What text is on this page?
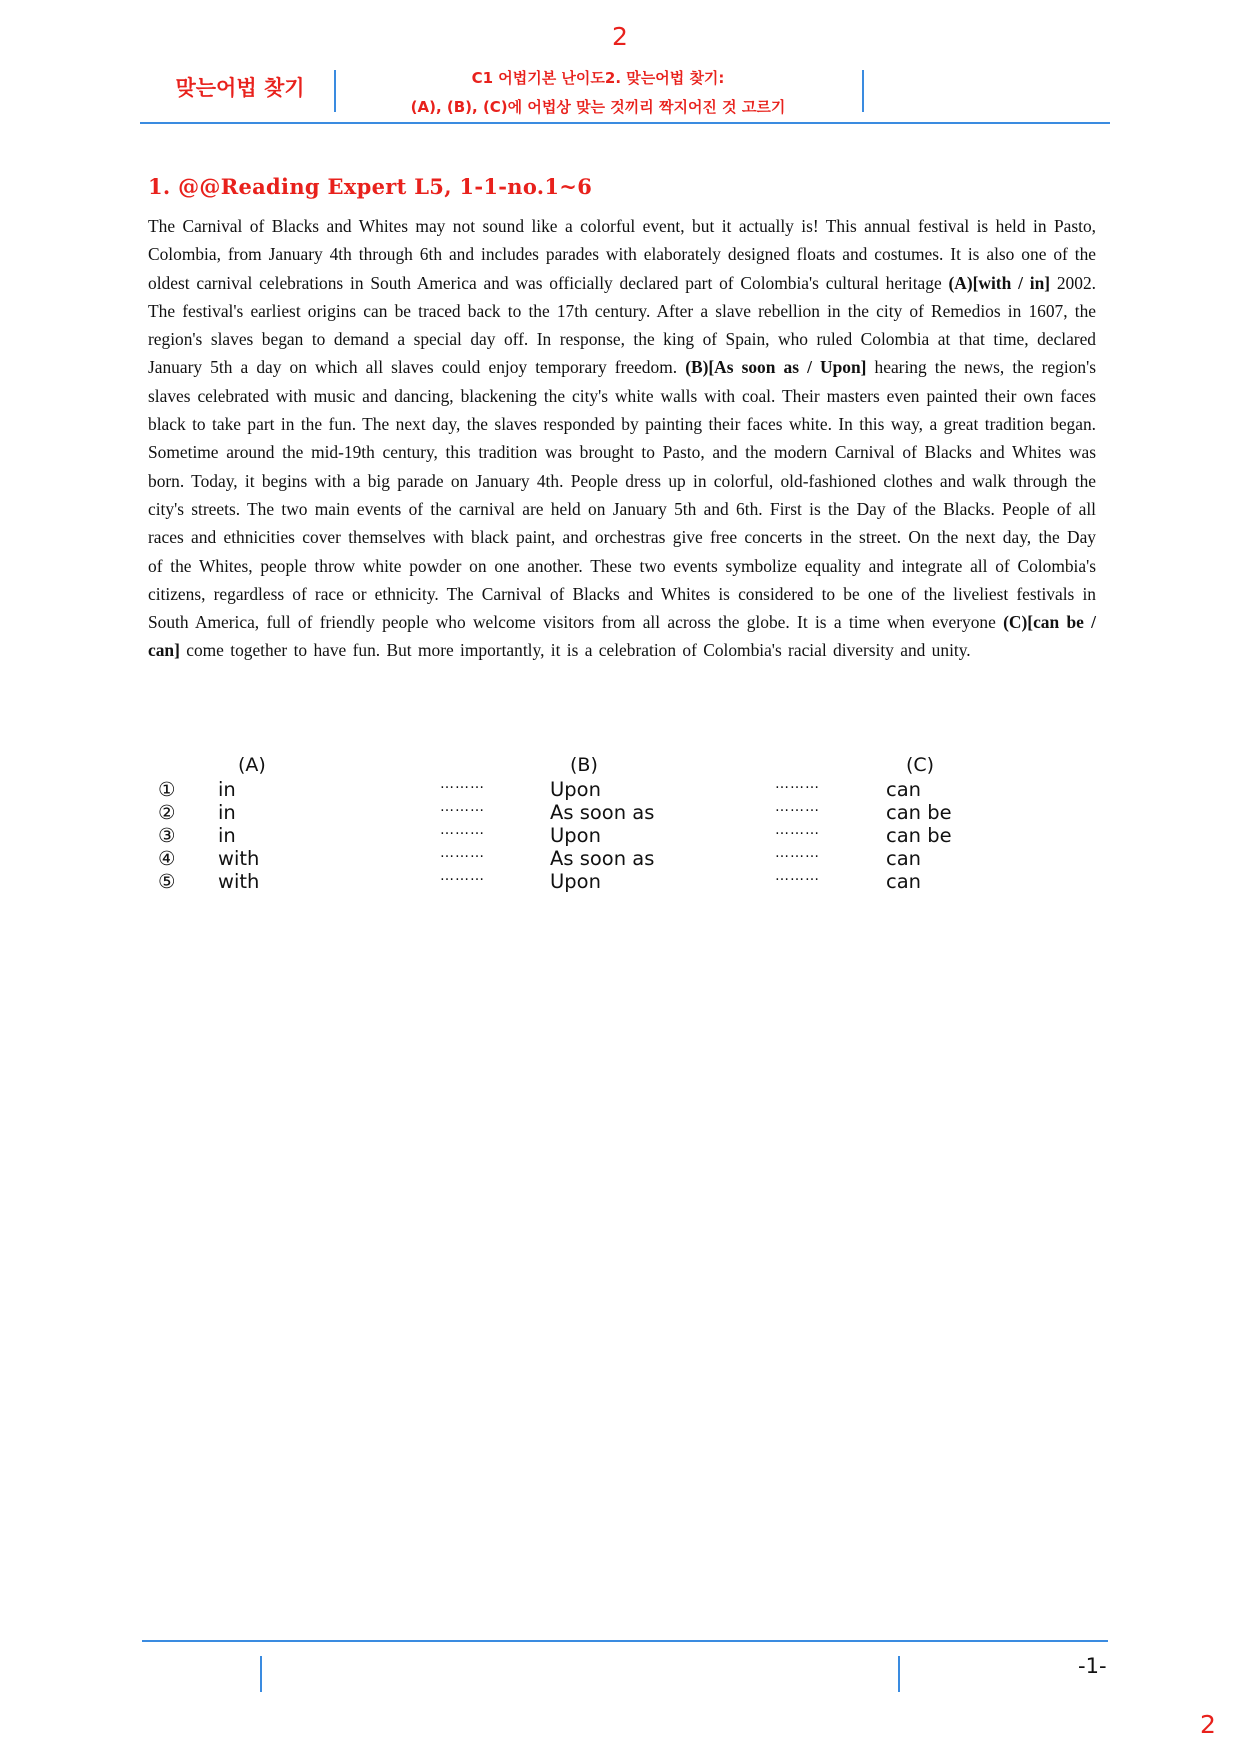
2
맞는어법 찾기	C1 어법기본 난이도2. 맞는어법 찾기:
(A), (B), (C)에 어법상 맞는 것끼리 짝지어진 것 고르기
1. @@Reading Expert L5, 1-1-no.1~6
The Carnival of Blacks and Whites may not sound like a colorful event, but it actually is! This annual festival is held in Pasto, Colombia, from January 4th through 6th and includes parades with elaborately designed floats and costumes. It is also one of the oldest carnival celebrations in South America and was officially declared part of Colombia's cultural heritage (A)[with / in] 2002. The festival's earliest origins can be traced back to the 17th century. After a slave rebellion in the city of Remedios in 1607, the region's slaves began to demand a special day off. In response, the king of Spain, who ruled Colombia at that time, declared January 5th a day on which all slaves could enjoy temporary freedom. (B)[As soon as / Upon] hearing the news, the region's slaves celebrated with music and dancing, blackening the city's white walls with coal. Their masters even painted their own faces black to take part in the fun. The next day, the slaves responded by painting their faces white. In this way, a great tradition began. Sometime around the mid-19th century, this tradition was brought to Pasto, and the modern Carnival of Blacks and Whites was born. Today, it begins with a big parade on January 4th. People dress up in colorful, old-fashioned clothes and walk through the city's streets. The two main events of the carnival are held on January 5th and 6th. First is the Day of the Blacks. People of all races and ethnicities cover themselves with black paint, and orchestras give free concerts in the street. On the next day, the Day of the Whites, people throw white powder on one another. These two events symbolize equality and integrate all of Colombia's citizens, regardless of race or ethnicity. The Carnival of Blacks and Whites is considered to be one of the liveliest festivals in South America, full of friendly people who welcome visitors from all across the globe. It is a time when everyone (C)[can be / can] come together to have fun. But more importantly, it is a celebration of Colombia's racial diversity and unity.
(A)	(B)	(C)
① in	………	Upon	………	can
② in	………	As soon as	………	can be
③ in	………	Upon	………	can be
④ with	………	As soon as	………	can
⑤ with	………	Upon	………	can
-1-
2
